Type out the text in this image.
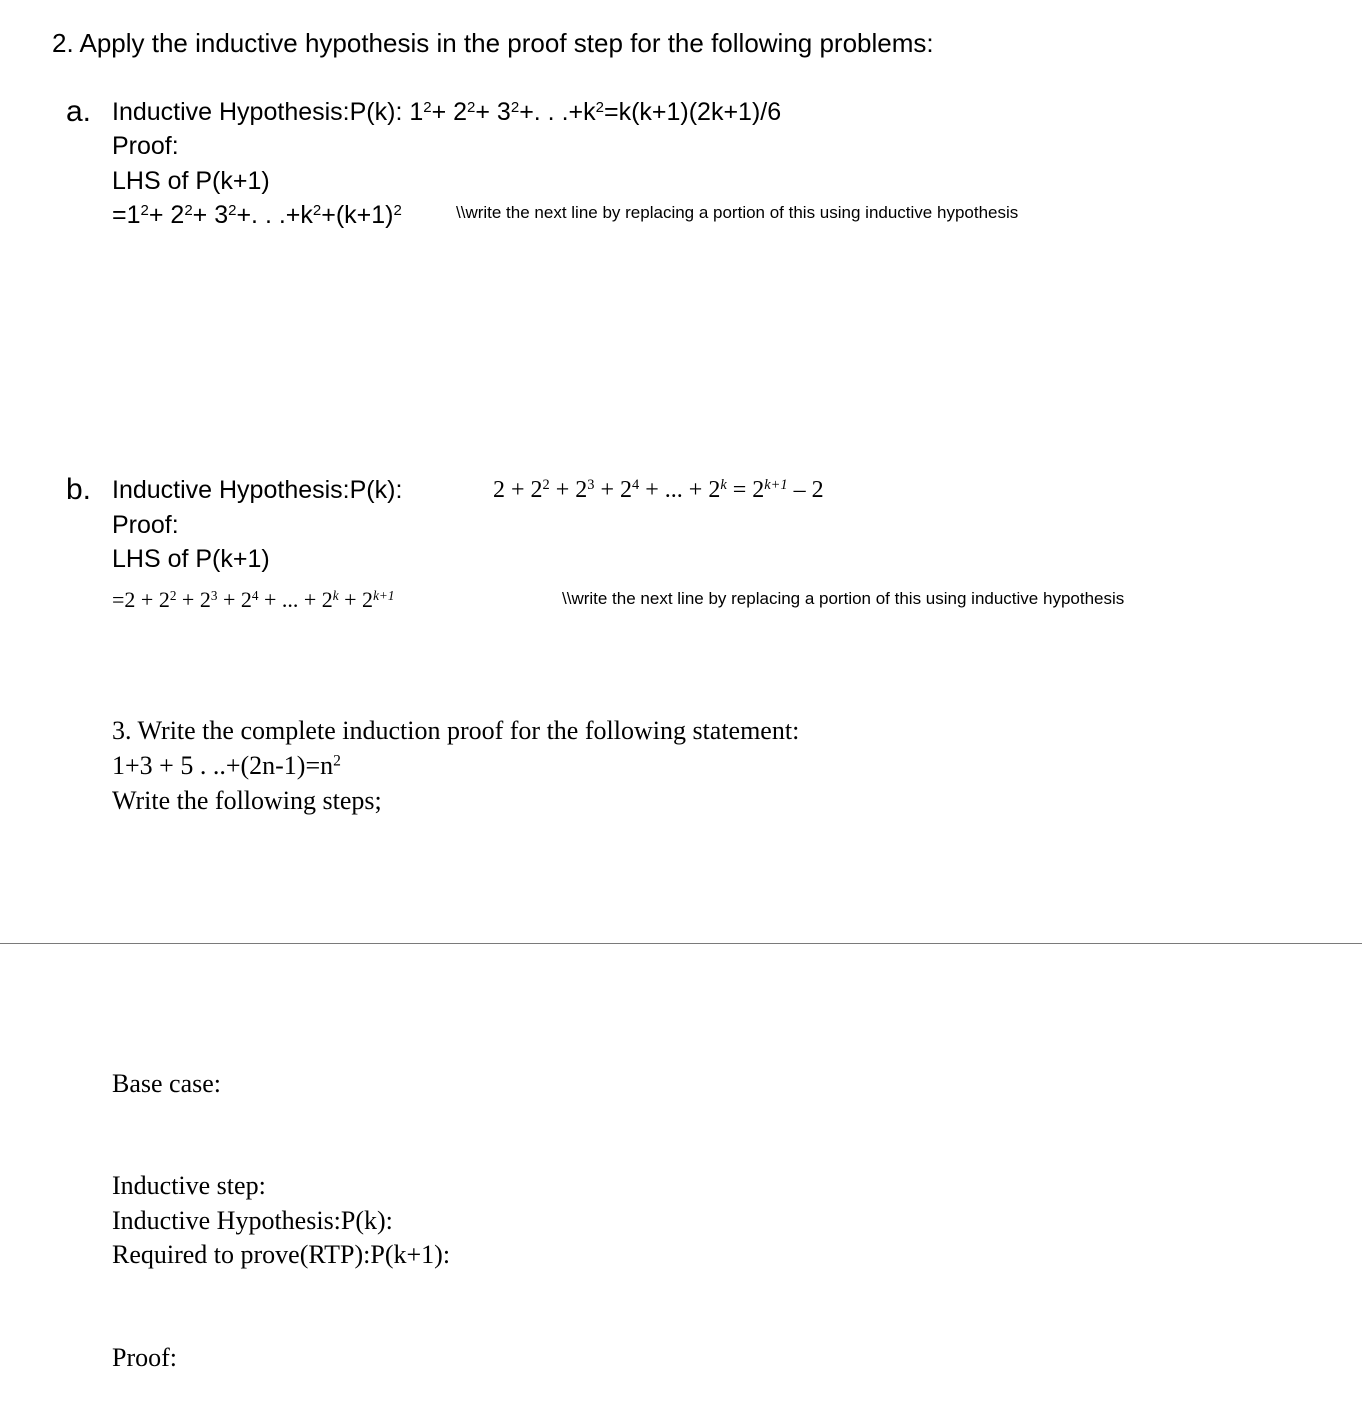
2. Apply the inductive hypothesis in the proof step for the following problems:
a. Inductive Hypothesis:P(k): $1^2+ 2^2+ 3^2+$. . $.+k^2=k(k+1)(2k+1)/6$
Proof:
LHS of P(k+1)
$=1^2+ 2^2+ 3^2+$. . $.+k^2+(k+1)^2$	\\write the next line by replacing a portion of this using inductive hypothesis
b. Inductive Hypothesis:P(k):	$2 + 2^2 + 2^3 + 2^4$ + ... + $2^k = 2^{k+1} - 2$
Proof:
LHS of P(k+1)
$=2 + 2^2 + 2^3 + 2^4$ + ... + $2^k + 2^{k+1}$	\\write the next line by replacing a portion of this using inductive hypothesis
3. Write the complete induction proof for the following statement:
1+3 + 5 . $..+(2n-1)=n^2$
Write the following steps;
Base case:
Inductive step:
Inductive Hypothesis:P(k):
Required to prove(RTP):P(k+1):
Proof:
